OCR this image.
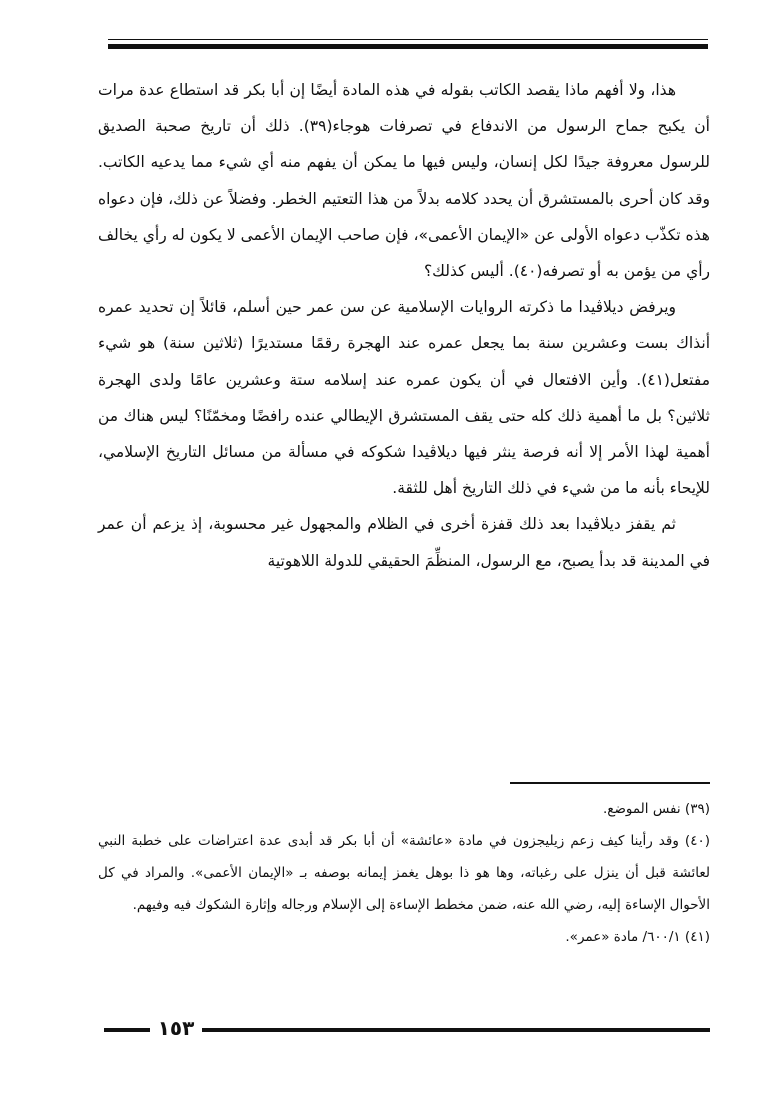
هذا، ولا أفهم ماذا يقصد الكاتب بقوله في هذه المادة أيضًا إن أبا بكر قد استطاع عدة مرات أن يكبح جماح الرسول من الاندفاع في تصرفات هوجاء(٣٩). ذلك أن تاريخ صحبة الصديق للرسول معروفة جيدًا لكل إنسان، وليس فيها ما يمكن أن يفهم منه أي شيء مما يدعيه الكاتب. وقد كان أحرى بالمستشرق أن يحدد كلامه بدلاً من هذا التعتيم الخطر. وفضلاً عن ذلك، فإن دعواه هذه تكذّب دعواه الأولى عن «الإيمان الأعمى»، فإن صاحب الإيمان الأعمى لا يكون له رأي يخالف رأي من يؤمن به أو تصرفه(٤٠). أليس كذلك؟

ويرفض ديلاڤيدا ما ذكرته الروايات الإسلامية عن سن عمر حين أسلم، قائلاً إن تحديد عمره أنذاك بست وعشرين سنة بما يجعل عمره عند الهجرة رقمًا مستديرًا (ثلاثين سنة) هو شيء مفتعل(٤١). وأين الافتعال في أن يكون عمره عند إسلامه ستة وعشرين عامًا ولدى الهجرة ثلاثين؟ بل ما أهمية ذلك كله حتى يقف المستشرق الإيطالي عنده رافضًا ومخمّنًا؟ ليس هناك من أهمية لهذا الأمر إلا أنه فرصة ينثر فيها ديلاڤيدا شكوكه في مسألة من مسائل التاريخ الإسلامي، للإيحاء بأنه ما من شيء في ذلك التاريخ أهل للثقة.

ثم يقفز ديلاڤيدا بعد ذلك قفزة أخرى في الظلام والمجهول غير محسوبة، إذ يزعم أن عمر في المدينة قد بدأ يصبح، مع الرسول، المنظِّمَ الحقيقي للدولة اللاهوتية

(٣٩) نفس الموضع.

(٤٠) وقد رأينا كيف زعم زيليجزون في مادة «عائشة» أن أبا بكر قد أبدى عدة اعتراضات على خطبة النبي لعائشة قبل أن ينزل على رغباته، وها هو ذا بوهل يغمز إيمانه بوصفه بـ «الإيمان الأعمى». والمراد في كل الأحوال الإساءة إليه، رضي الله عنه، ضمن مخطط الإساءة إلى الإسلام ورجاله وإثارة الشكوك فيه وفيهم.

(٤١) ٦٠٠/١/ مادة «عمر».

١٥٣
